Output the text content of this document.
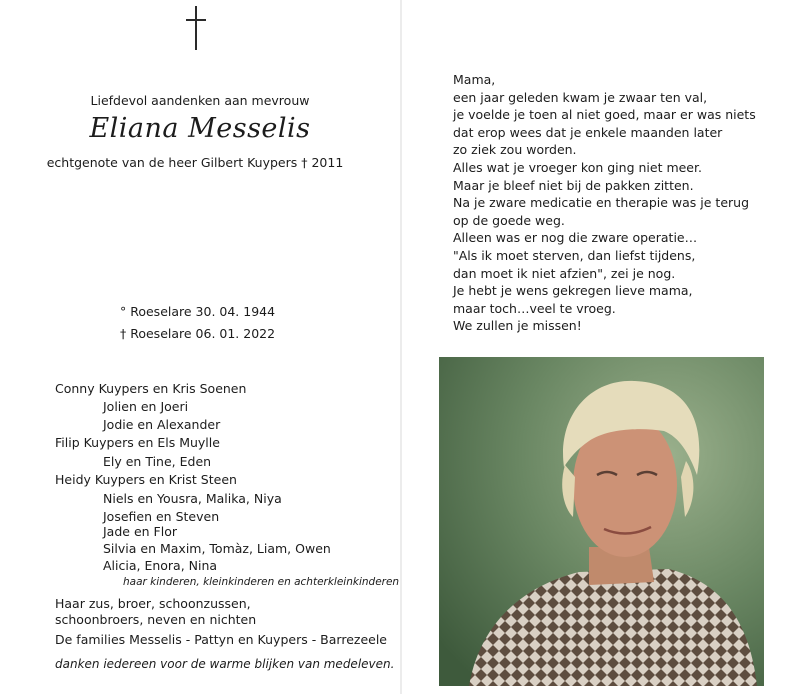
Liefdevol aandenken aan mevrouw
Eliana Messelis
echtgenote van de heer Gilbert Kuypers † 2011
° Roeselare 30. 04. 1944
† Roeselare 06. 01. 2022
Conny Kuypers en Kris Soenen
Jolien en Joeri
Jodie en Alexander
Filip Kuypers en Els Muylle
Ely en Tine, Eden
Heidy Kuypers en Krist Steen
Niels en Yousra, Malika, Niya
Josefien en Steven
Jade en Flor
Silvia en Maxim, Tomàz, Liam, Owen
Alicia, Enora, Nina
haar kinderen, kleinkinderen en achterkleinkinderen
Haar zus, broer, schoonzussen,
schoonbroers, neven en nichten
De families Messelis - Pattyn en Kuypers - Barrezeele
danken iedereen voor de warme blijken van medeleven.
Mama,
een jaar geleden kwam je zwaar ten val,
je voelde je toen al niet goed, maar er was niets
dat erop wees dat je enkele maanden later
zo ziek zou worden.
Alles wat je vroeger kon ging niet meer.
Maar je bleef niet bij de pakken zitten.
Na je zware medicatie en therapie was je terug
op de goede weg.
Alleen was er nog die zware operatie…
"Als ik moet sterven, dan liefst tijdens,
dan moet ik niet afzien", zei je nog.
Je hebt je wens gekregen lieve mama,
maar toch…veel te vroeg.
We zullen je missen!
